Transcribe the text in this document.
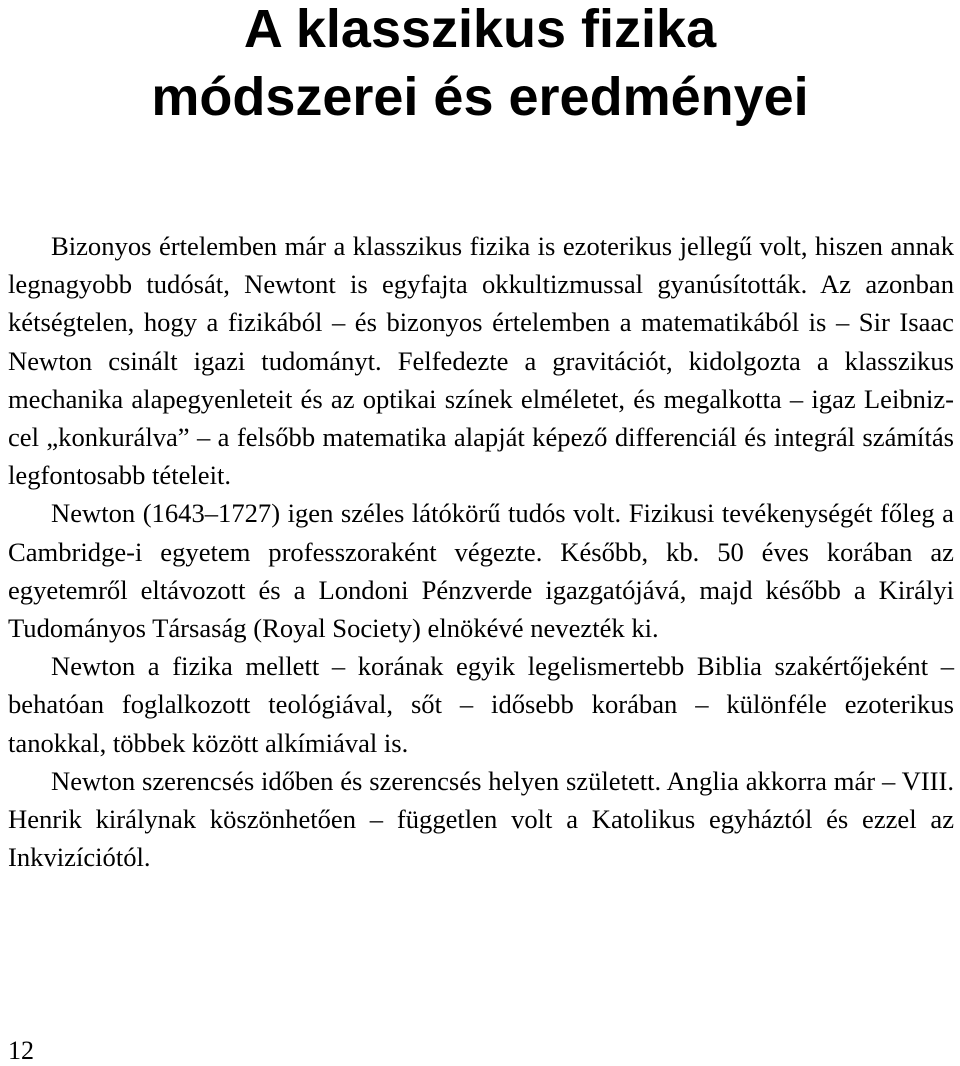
A klasszikus fizika
módszerei és eredményei

Bizonyos értelemben már a klasszikus fizika is ezoterikus jellegű volt, hiszen annak legnagyobb tudósát, Newtont is egyfajta okkultizmussal gyanúsították. Az azonban kétségtelen, hogy a fizikából – és bizonyos értelemben a matematikából is – Sir Isaac Newton csinált igazi tudományt. Felfedezte a gravitációt, kidolgozta a klasszikus mechanika alapegyenleteit és az optikai színek elméletet, és megalkotta – igaz Leibniz-cel „konkurálva” – a felsőbb matematika alapját képező differenciál és integrál számítás legfontosabb tételeit.

Newton (1643–1727) igen széles látókörű tudós volt. Fizikusi tevékenységét főleg a Cambridge-i egyetem professzoraként végezte. Később, kb. 50 éves korában az egyetemről eltávozott és a Londoni Pénzverde igazgatójává, majd később a Királyi Tudományos Társaság (Royal Society) elnökévé nevezték ki.

Newton a fizika mellett – korának egyik legelismertebb Biblia szakértőjeként – behatóan foglalkozott teológiával, sőt – idősebb korában – különféle ezoterikus tanokkal, többek között alkímiával is.

Newton szerencsés időben és szerencsés helyen született. Anglia akkorra már – VIII. Henrik királynak köszönhetően – független volt a Katolikus egyháztól és ezzel az Inkvizíciótól.

12
